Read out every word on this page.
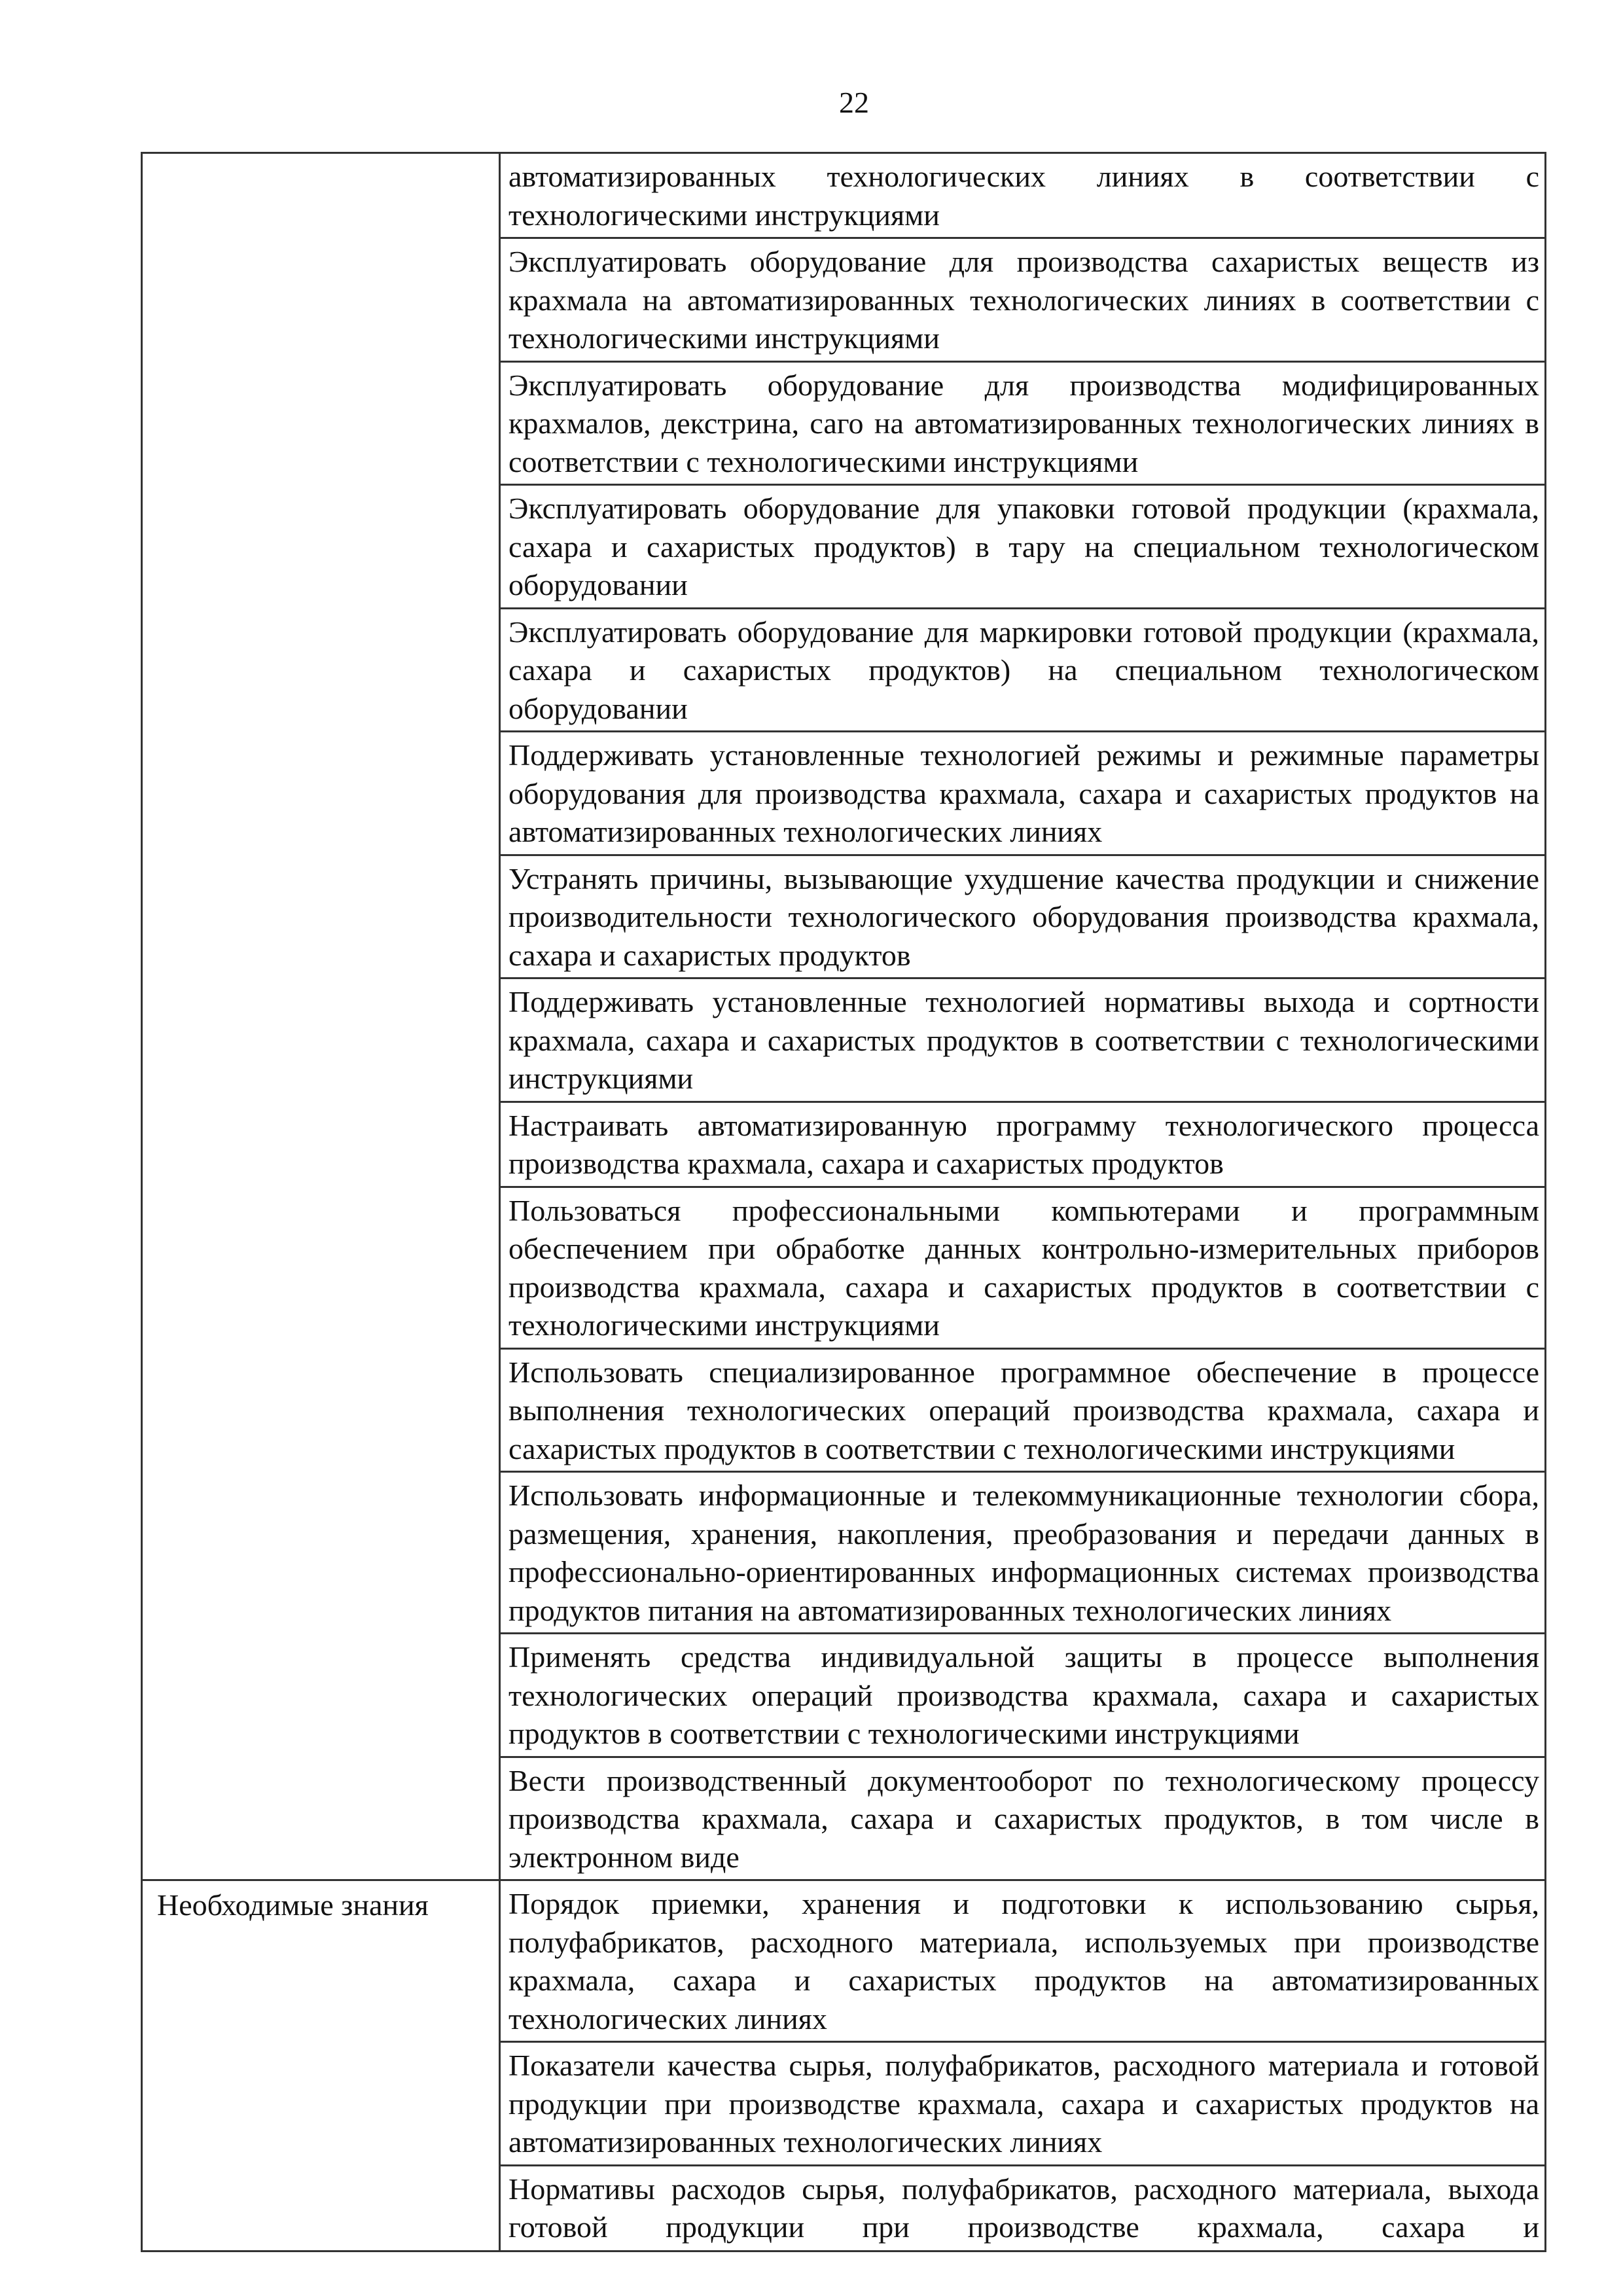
22
	автоматизированных технологических линиях в соответствии с технологическими инструкциями
	Эксплуатировать оборудование для производства сахаристых веществ из крахмала на автоматизированных технологических линиях в соответствии с технологическими инструкциями
	Эксплуатировать оборудование для производства модифицированных крахмалов, декстрина, саго на автоматизированных технологических линиях в соответствии с технологическими инструкциями
	Эксплуатировать оборудование для упаковки готовой продукции (крахмала, сахара и сахаристых продуктов) в тару на специальном технологическом оборудовании
	Эксплуатировать оборудование для маркировки готовой продукции (крахмала, сахара и сахаристых продуктов) на специальном технологическом оборудовании
	Поддерживать установленные технологией режимы и режимные параметры оборудования для производства крахмала, сахара и сахаристых продуктов на автоматизированных технологических линиях
	Устранять причины, вызывающие ухудшение качества продукции и снижение производительности технологического оборудования производства крахмала, сахара и сахаристых продуктов
	Поддерживать установленные технологией нормативы выхода и сортности крахмала, сахара и сахаристых продуктов в соответствии с технологическими инструкциями
	Настраивать автоматизированную программу технологического процесса производства крахмала, сахара и сахаристых продуктов
	Пользоваться профессиональными компьютерами и программным обеспечением при обработке данных контрольно-измерительных приборов производства крахмала, сахара и сахаристых продуктов в соответствии с технологическими инструкциями
	Использовать специализированное программное обеспечение в процессе выполнения технологических операций производства крахмала, сахара и сахаристых продуктов в соответствии с технологическими инструкциями
	Использовать информационные и телекоммуникационные технологии сбора, размещения, хранения, накопления, преобразования и передачи данных в профессионально-ориентированных информационных системах производства продуктов питания на автоматизированных технологических линиях
	Применять средства индивидуальной защиты в процессе выполнения технологических операций производства крахмала, сахара и сахаристых продуктов в соответствии с технологическими инструкциями
	Вести производственный документооборот по технологическому процессу производства крахмала, сахара и сахаристых продуктов, в том числе в электронном виде
Необходимые знания	Порядок приемки, хранения и подготовки к использованию сырья, полуфабрикатов, расходного материала, используемых при производстве крахмала, сахара и сахаристых продуктов на автоматизированных технологических линиях
	Показатели качества сырья, полуфабрикатов, расходного материала и готовой продукции при производстве крахмала, сахара и сахаристых продуктов на автоматизированных технологических линиях

	Нормативы расходов сырья, полуфабрикатов, расходного материала, выхода готовой продукции при производстве крахмала, сахара и
